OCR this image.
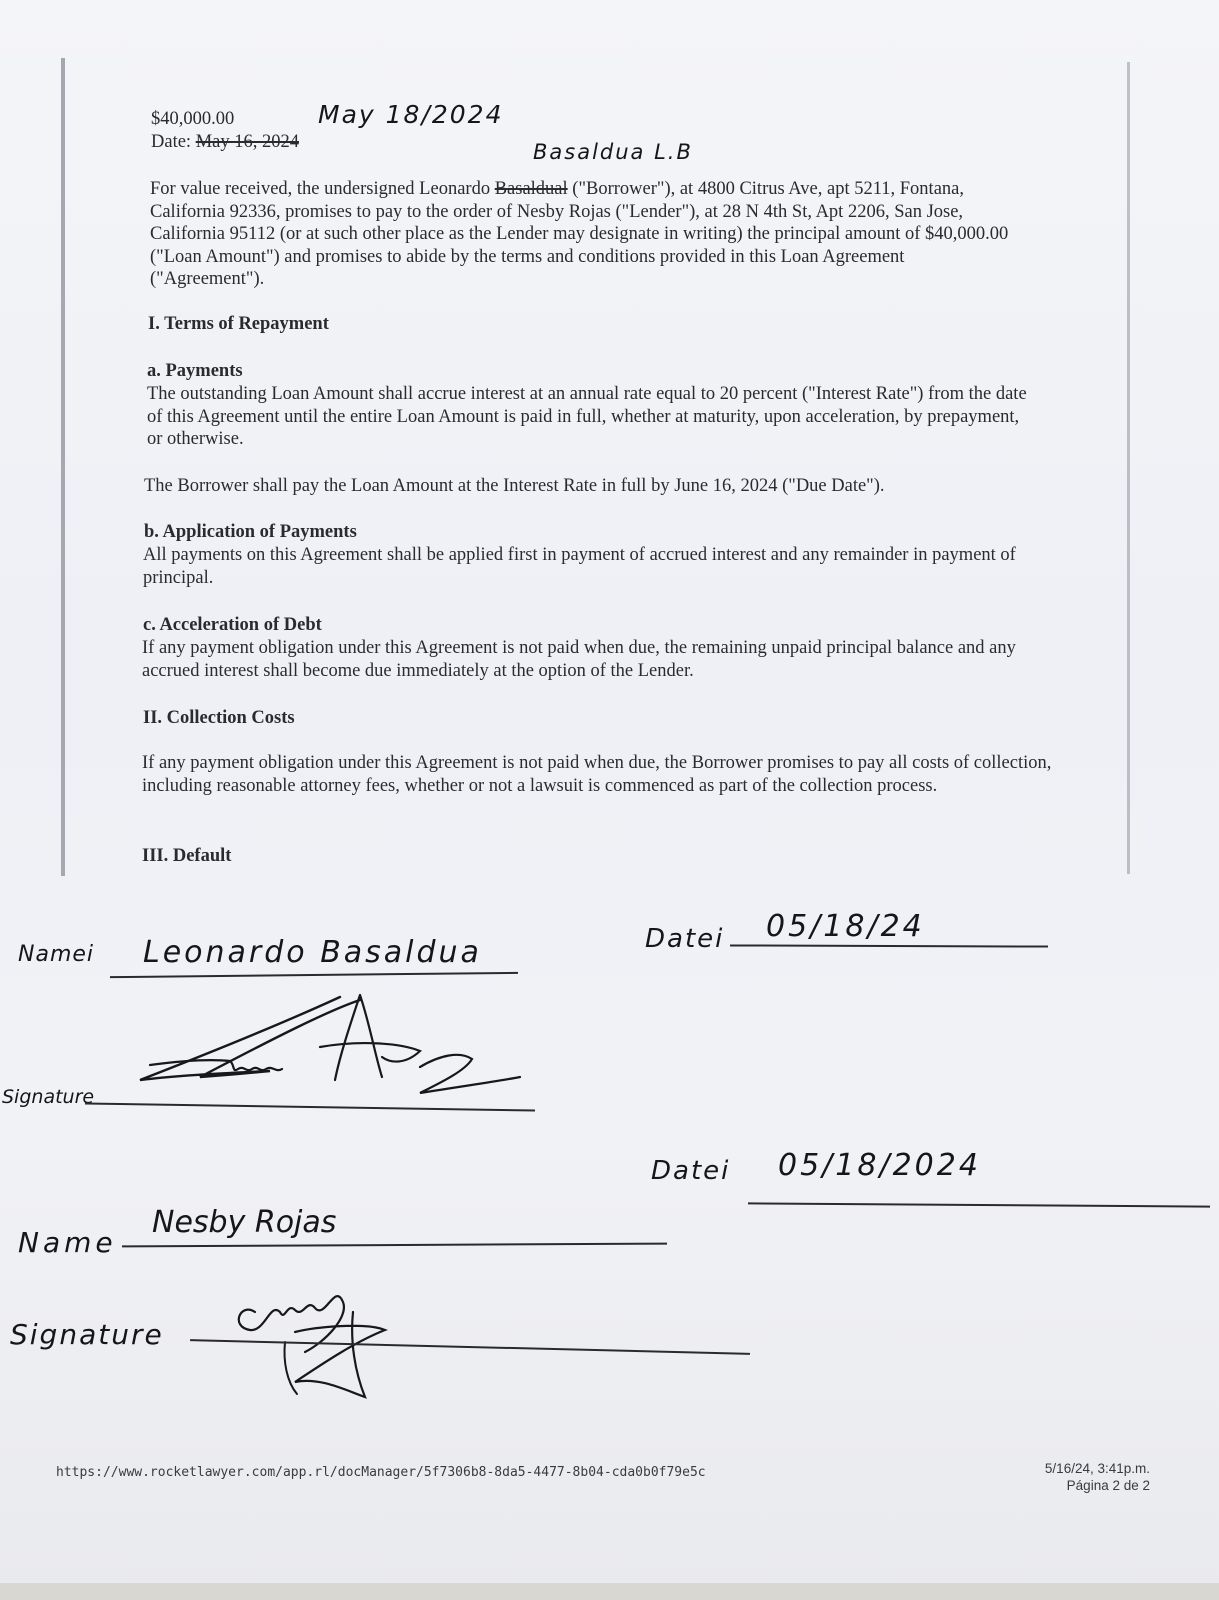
$40,000.00
Date: May 16, 2024
May 18/2024
Basaldua L.B
For value received, the undersigned Leonardo Basaldual ("Borrower"), at 4800 Citrus Ave, apt 5211, Fontana, California 92336, promises to pay to the order of Nesby Rojas ("Lender"), at 28 N 4th St, Apt 2206, San Jose, California 95112 (or at such other place as the Lender may designate in writing) the principal amount of $40,000.00 ("Loan Amount") and promises to abide by the terms and conditions provided in this Loan Agreement ("Agreement").
I. Terms of Repayment
a. Payments
The outstanding Loan Amount shall accrue interest at an annual rate equal to 20 percent ("Interest Rate") from the date of this Agreement until the entire Loan Amount is paid in full, whether at maturity, upon acceleration, by prepayment, or otherwise.
The Borrower shall pay the Loan Amount at the Interest Rate in full by June 16, 2024 ("Due Date").
b. Application of Payments
All payments on this Agreement shall be applied first in payment of accrued interest and any remainder in payment of principal.
c. Acceleration of Debt
If any payment obligation under this Agreement is not paid when due, the remaining unpaid principal balance and any accrued interest shall become due immediately at the option of the Lender.
II. Collection Costs
If any payment obligation under this Agreement is not paid when due, the Borrower promises to pay all costs of collection, including reasonable attorney fees, whether or not a lawsuit is commenced as part of the collection process.
III. Default
Namei Leonardo Basaldua	Datei 05/18/24
Signature
Datei 05/18/2024
Name
Nesby Rojas
Signature
https://www.rocketlawyer.com/app.rl/docManager/5f7306b8-8da5-4477-8b04-cda0b0f79e5c	5/16/24, 3:41p.m.
Página 2 de 2
